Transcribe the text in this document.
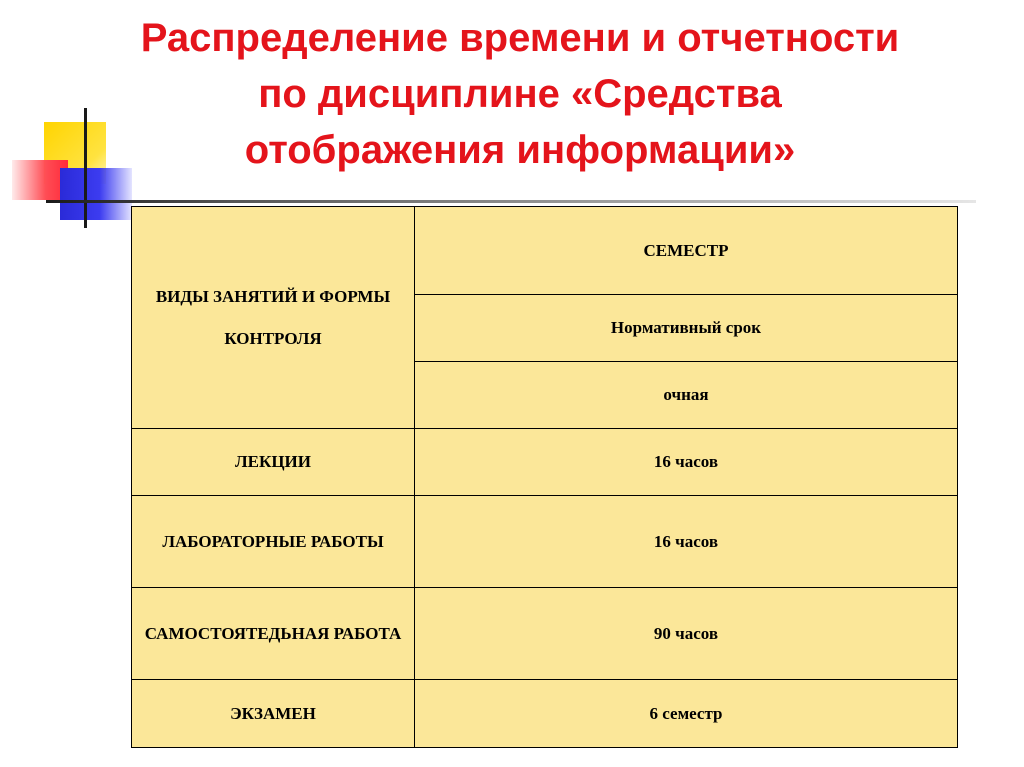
Распределение времени и отчетности
по дисциплине «Средства
отображения информации»
ВИДЫ ЗАНЯТИЙ И ФОРМЫ КОНТРОЛЯ	СЕМЕСТР
	Нормативный срок
	очная
ЛЕКЦИИ	16 часов
ЛАБОРАТОРНЫЕ РАБОТЫ	16 часов
САМОСТОЯТЕДЬНАЯ РАБОТА	90 часов
ЭКЗАМЕН	6 семестр
